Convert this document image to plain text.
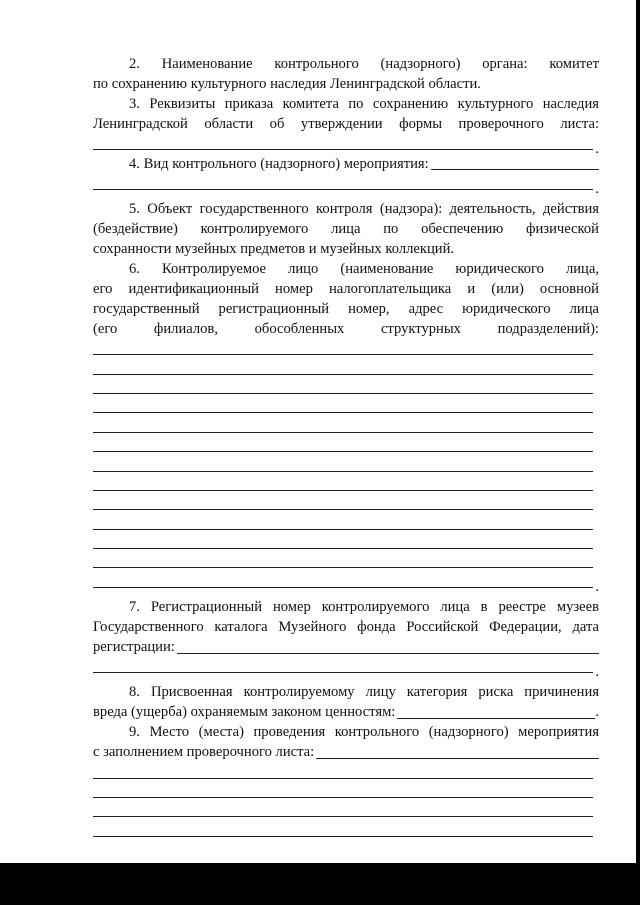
2. Наименование контрольного (надзорного) органа: комитет
по сохранению культурного наследия Ленинградской области.
3. Реквизиты приказа комитета по сохранению культурного наследия
Ленинградской области об утверждении формы проверочного листа:
.
4. Вид контрольного (надзорного) мероприятия:
.
5. Объект государственного контроля (надзора): деятельность, действия
(бездействие) контролируемого лица по обеспечению физической
сохранности музейных предметов и музейных коллекций.
6. Контролируемое лицо (наименование юридического лица,
его идентификационный номер налогоплательщика и (или) основной
государственный регистрационный номер, адрес юридического лица
(его филиалов, обособленных структурных подразделений):
.
7. Регистрационный номер контролируемого лица в реестре музеев
Государственного каталога Музейного фонда Российской Федерации, дата
регистрации:
.
8. Присвоенная контролируемому лицу категория риска причинения
вреда (ущерба) охраняемым законом ценностям:	.
9. Место (места) проведения контрольного (надзорного) мероприятия
с заполнением проверочного листа:
